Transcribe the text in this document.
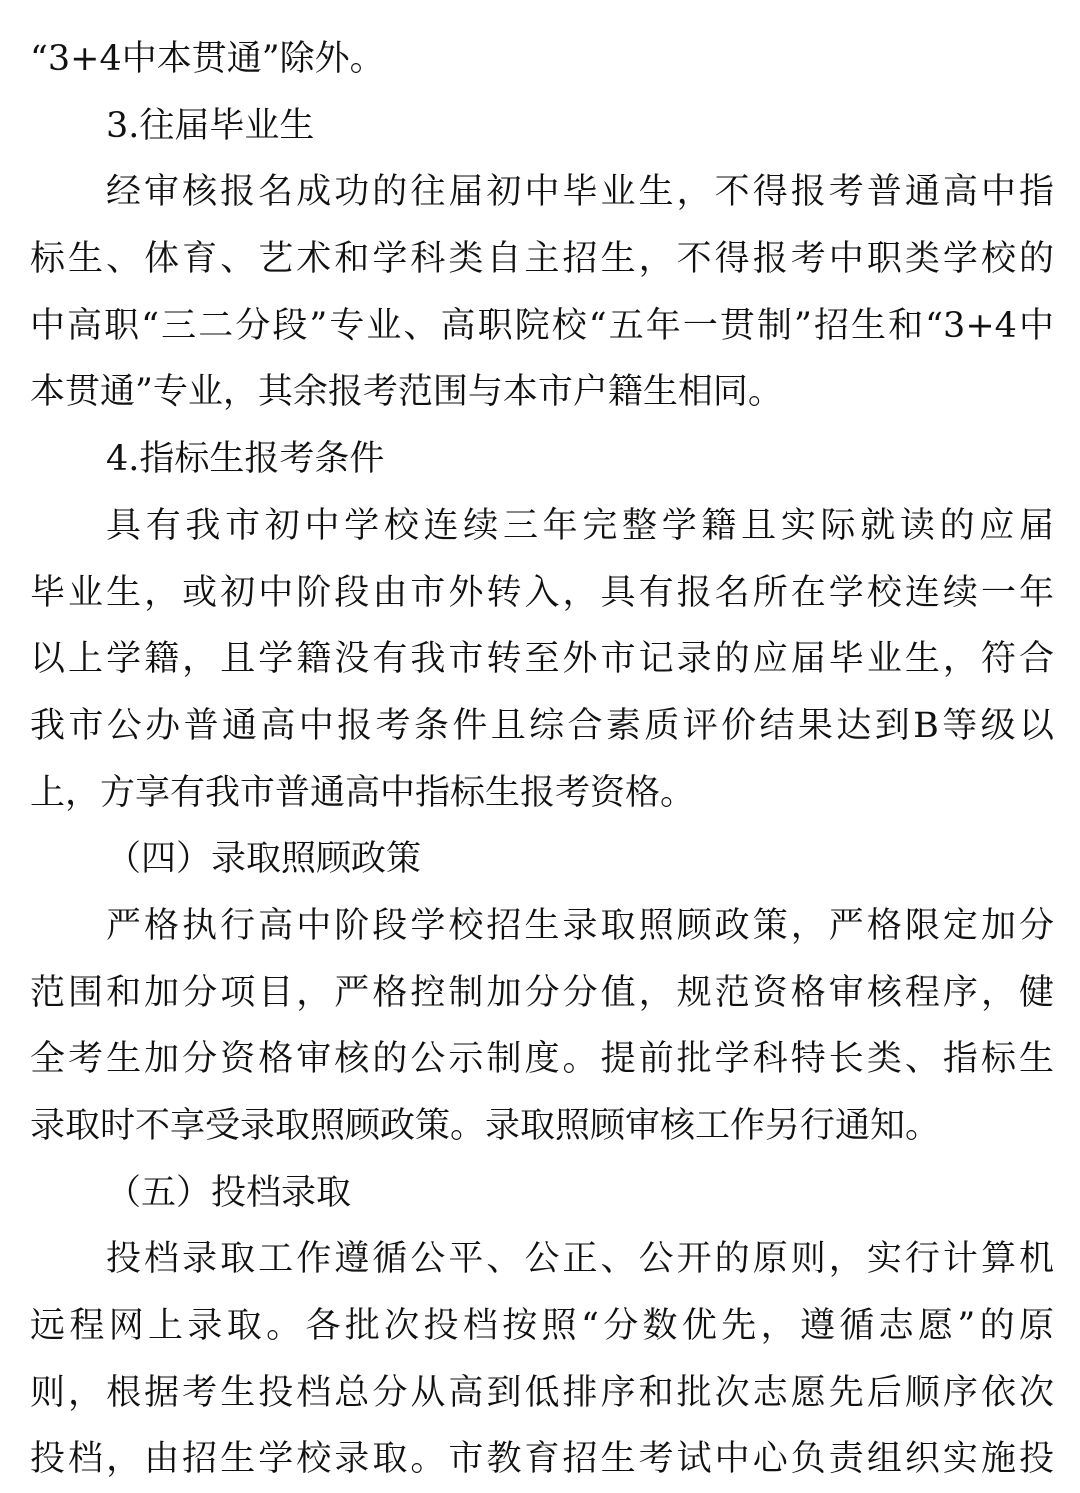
“3+4中本贯通”除外。
3.往届毕业生
经审核报名成功的往届初中毕业生，不得报考普通高中指
标生、体育、艺术和学科类自主招生，不得报考中职类学校的
中高职“三二分段”专业、高职院校“五年一贯制”招生和“3+4中
本贯通”专业，其余报考范围与本市户籍生相同。
4.指标生报考条件
具有我市初中学校连续三年完整学籍且实际就读的应届
毕业生，或初中阶段由市外转入，具有报名所在学校连续一年
以上学籍，且学籍没有我市转至外市记录的应届毕业生，符合
我市公办普通高中报考条件且综合素质评价结果达到B等级以
上，方享有我市普通高中指标生报考资格。
（四）录取照顾政策
严格执行高中阶段学校招生录取照顾政策，严格限定加分
范围和加分项目，严格控制加分分值，规范资格审核程序，健
全考生加分资格审核的公示制度。提前批学科特长类、指标生
录取时不享受录取照顾政策。录取照顾审核工作另行通知。
（五）投档录取
投档录取工作遵循公平、公正、公开的原则，实行计算机
远程网上录取。各批次投档按照“分数优先，遵循志愿”的原
则，根据考生投档总分从高到低排序和批次志愿先后顺序依次
投档，由招生学校录取。市教育招生考试中心负责组织实施投
